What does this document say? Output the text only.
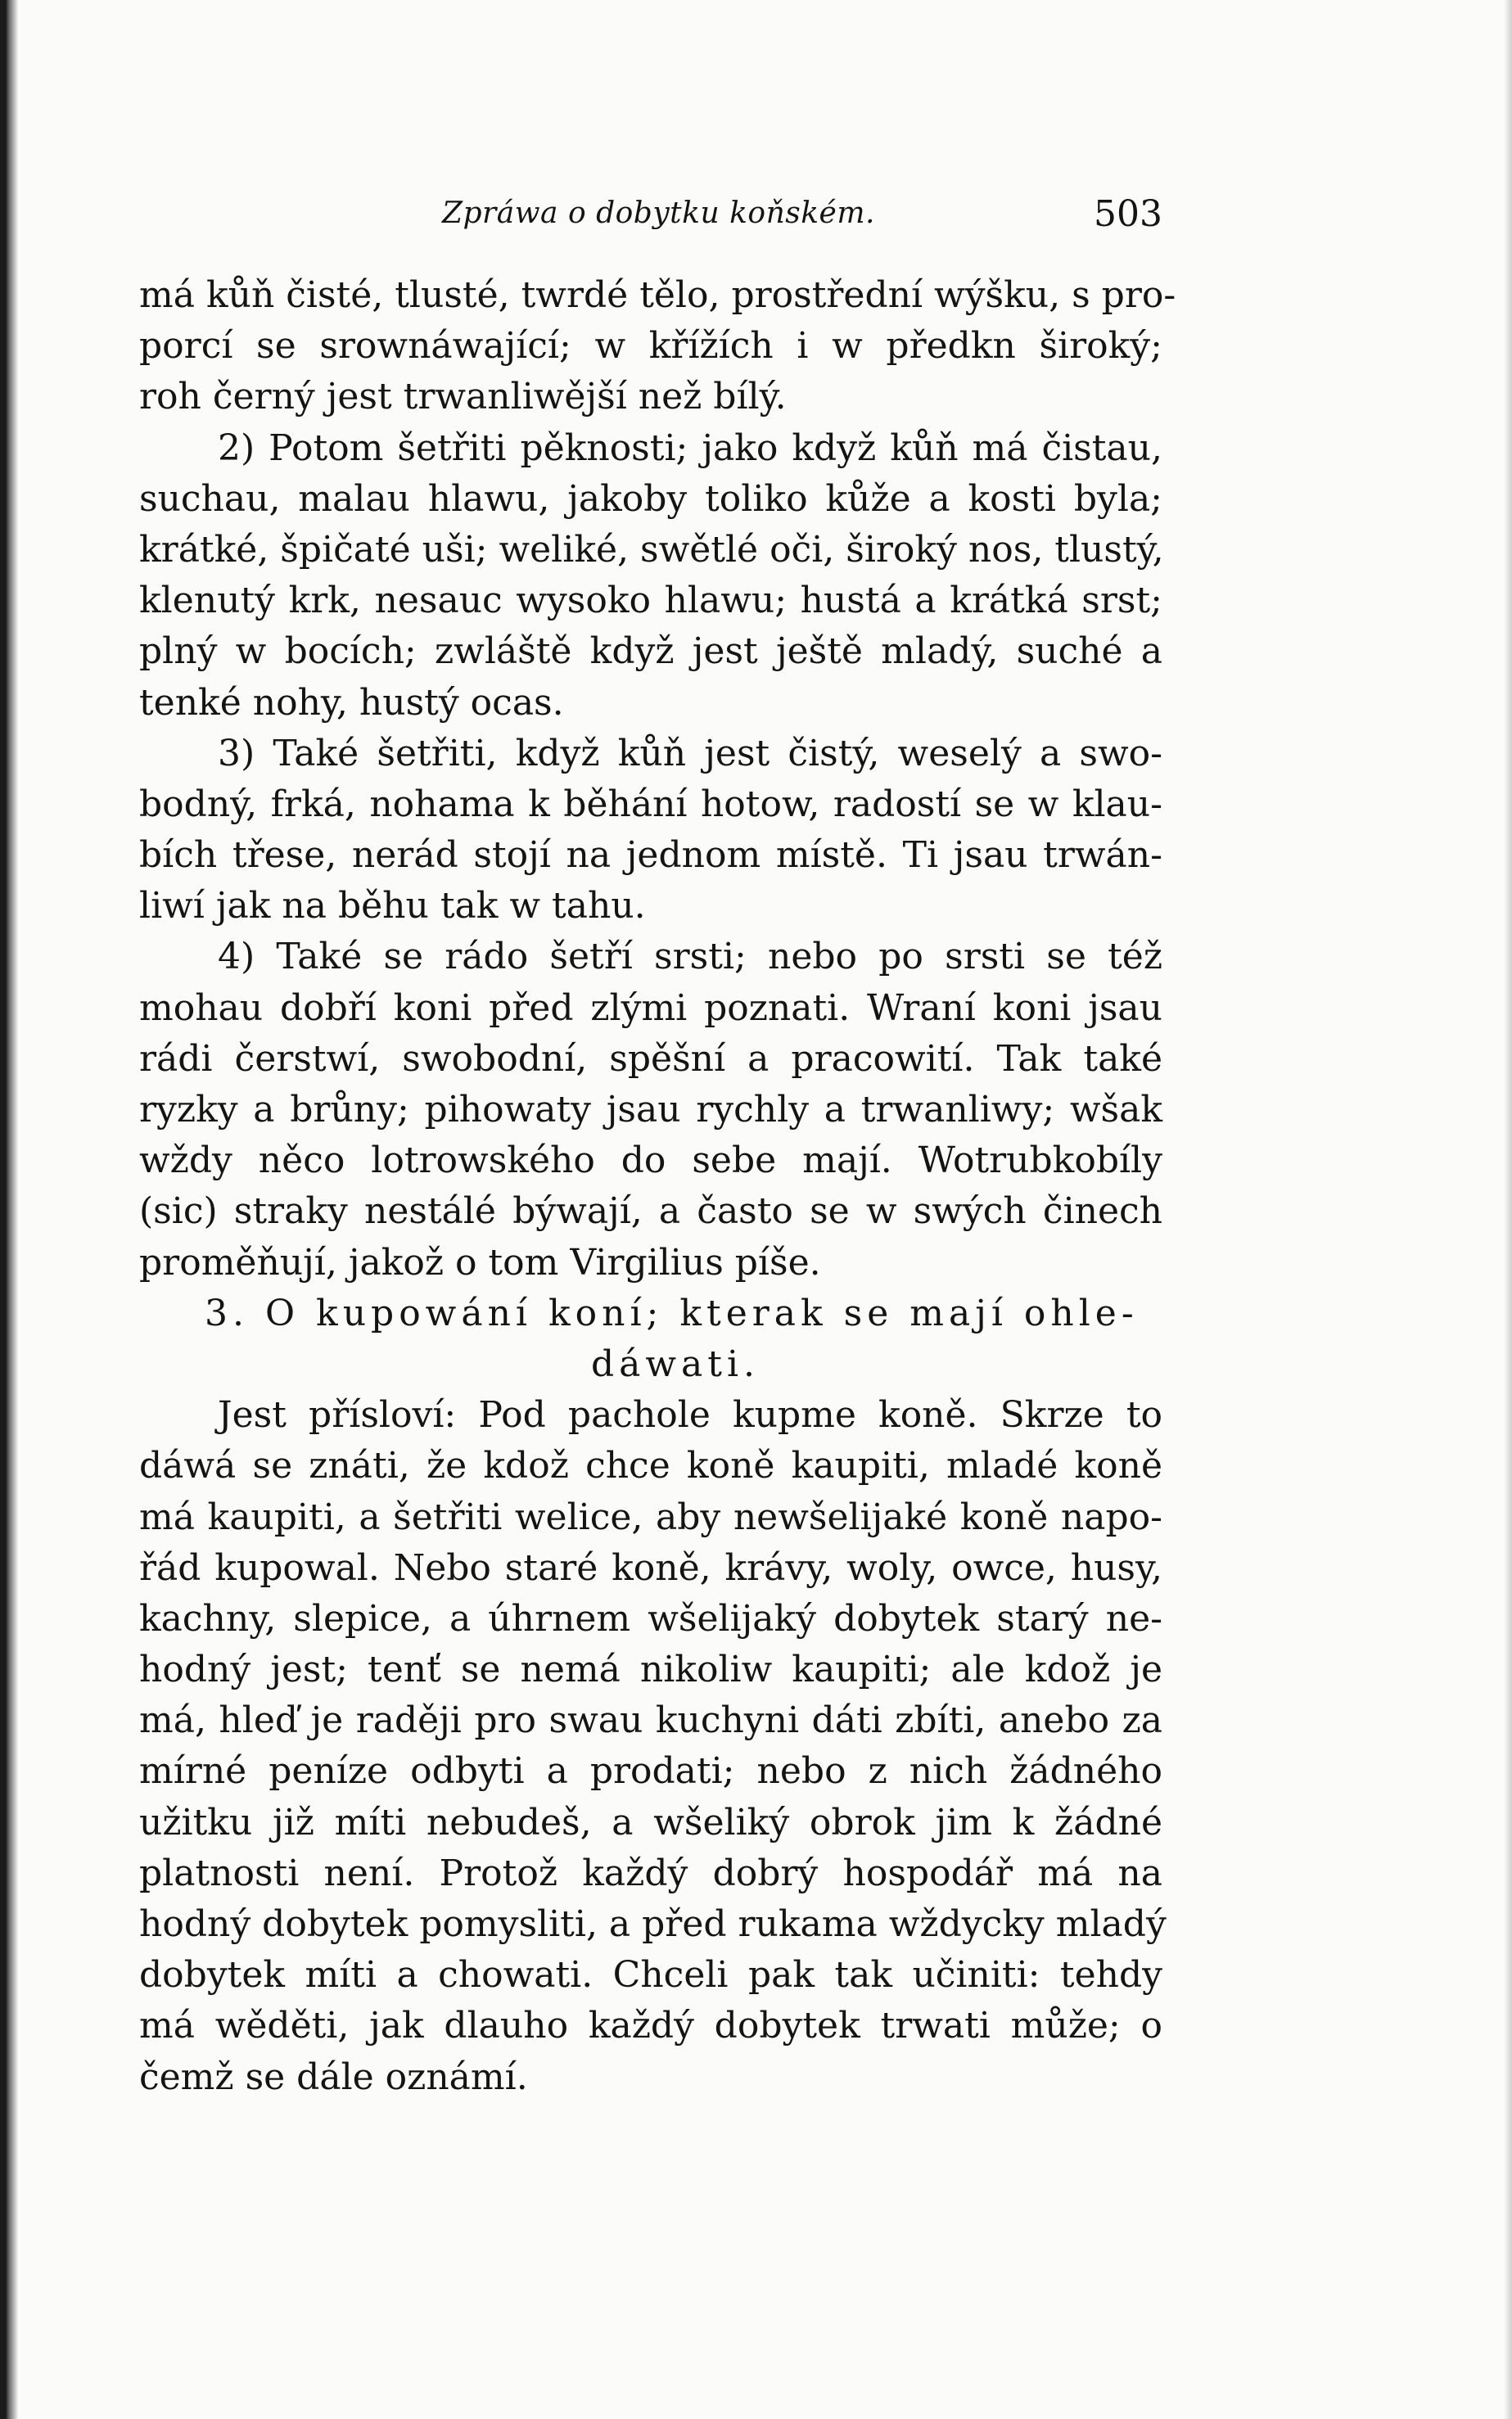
Zpráwa o dobytku koňském.	503
má kůň čisté, tlusté, twrdé tělo, prostřední wýšku, s pro-
porcí se srownáwající; w křížích i w předkn široký;
roh černý jest trwanliwější než bílý.
2) Potom šetřiti pěknosti; jako když kůň má čistau,
suchau, malau hlawu, jakoby toliko kůže a kosti byla;
krátké, špičaté uši; weliké, swětlé oči, široký nos, tlustý,
klenutý krk, nesauc wysoko hlawu; hustá a krátká srst;
plný w bocích; zwláště když jest ještě mladý, suché a
tenké nohy, hustý ocas.
3) Také šetřiti, když kůň jest čistý, weselý a swo-
bodný, frká, nohama k běhání hotow, radostí se w klau-
bích třese, nerád stojí na jednom místě. Ti jsau trwán-
liwí jak na běhu tak w tahu.
4) Také se rádo šetří srsti; nebo po srsti se též
mohau dobří koni před zlými poznati. Wraní koni jsau
rádi čerstwí, swobodní, spěšní a pracowití. Tak také
ryzky a brůny; pihowaty jsau rychly a trwanliwy; wšak
wždy něco lotrowského do sebe mají. Wotrubkobíly
(sic) straky nestálé býwají, a často se w swých činech
proměňují, jakož o tom Virgilius píše.
3. O kupowání koní; kterak se mají ohle-
dáwati.
Jest přísloví: Pod pachole kupme koně. Skrze to
dáwá se znáti, že kdož chce koně kaupiti, mladé koně
má kaupiti, a šetřiti welice, aby newšelijaké koně napo-
řád kupowal. Nebo staré koně, krávy, woly, owce, husy,
kachny, slepice, a úhrnem wšelijaký dobytek starý ne-
hodný jest; tenť se nemá nikoliw kaupiti; ale kdož je
má, hleď je raději pro swau kuchyni dáti zbíti, anebo za
mírné peníze odbyti a prodati; nebo z nich žádného
užitku již míti nebudeš, a wšeliký obrok jim k žádné
platnosti není. Protož každý dobrý hospodář má na
hodný dobytek pomysliti, a před rukama wždycky mladý
dobytek míti a chowati. Chceli pak tak učiniti: tehdy
má wěděti, jak dlauho každý dobytek trwati může; o
čemž se dále oznámí.
